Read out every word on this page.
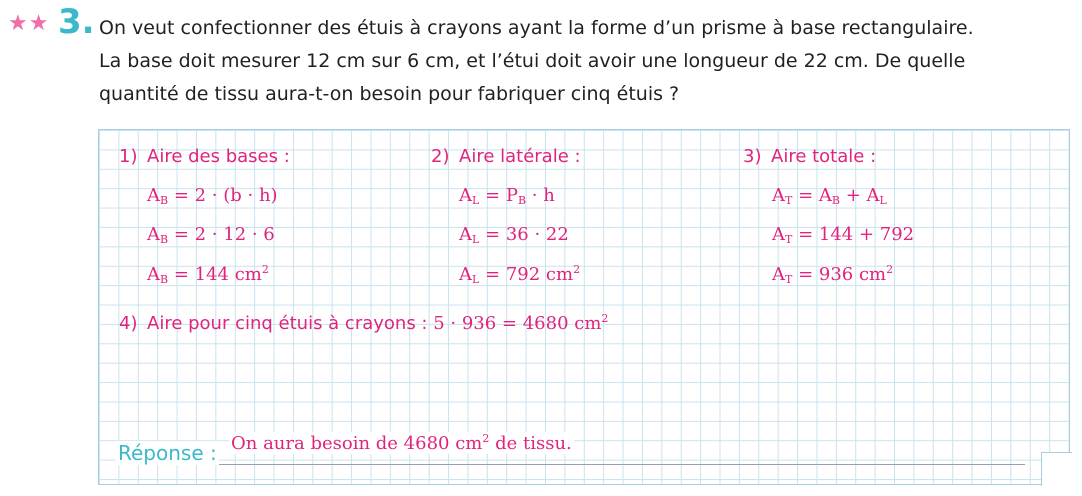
★ ★ 3. On veut confectionner des étuis à crayons ayant la forme d’un prisme à base rectangulaire.
La base doit mesurer 12 cm sur 6 cm, et l’étui doit avoir une longueur de 22 cm. De quelle
quantité de tissu aura-t-on besoin pour fabriquer cinq étuis ?
1) Aire des bases :
$A_B = 2 \cdot (b \cdot h)$
$A_B = 2 \cdot 12 \cdot 6$
$A_B = 144$ $cm^2$
2) Aire latérale :
$A_L = P_B \cdot h$
$A_L = 36 \cdot 22$
$A_L = 792$ $cm^2$
3) Aire totale :
$A_T = A_B + A_L$
$A_T = 144 + 792$
$A_T = 936$ $cm^2$
4) Aire pour cinq étuis à crayons : 5 · 936 = 4680 $cm^2$
Réponse : On aura besoin de 4680 $cm^2$ de tissu.
